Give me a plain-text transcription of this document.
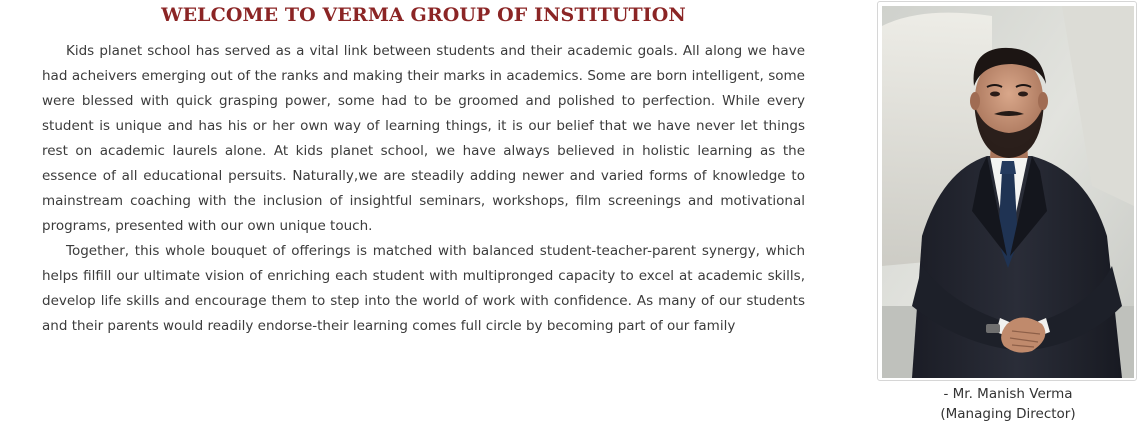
WELCOME TO VERMA GROUP OF INSTITUTION

Kids planet school has served as a vital link between students and their academic goals. All along we have had acheivers emerging out of the ranks and making their marks in academics. Some are born intelligent, some were blessed with quick grasping power, some had to be groomed and polished to perfection. While every student is unique and has his or her own way of learning things, it is our belief that we have never let things rest on academic laurels alone. At kids planet school, we have always believed in holistic learning as the essence of all educational persuits. Naturally,we are steadily adding newer and varied forms of knowledge to mainstream coaching with the inclusion of insightful seminars, workshops, film screenings and motivational programs, presented with our own unique touch.

Together, this whole bouquet of offerings is matched with balanced student-teacher-parent synergy, which helps filfill our ultimate vision of enriching each student with multipronged capacity to excel at academic skills, develop life skills and encourage them to step into the world of work with confidence. As many of our students and their parents would readily endorse-their learning comes full circle by becoming part of our family

- Mr. Manish Verma
(Managing Director)
